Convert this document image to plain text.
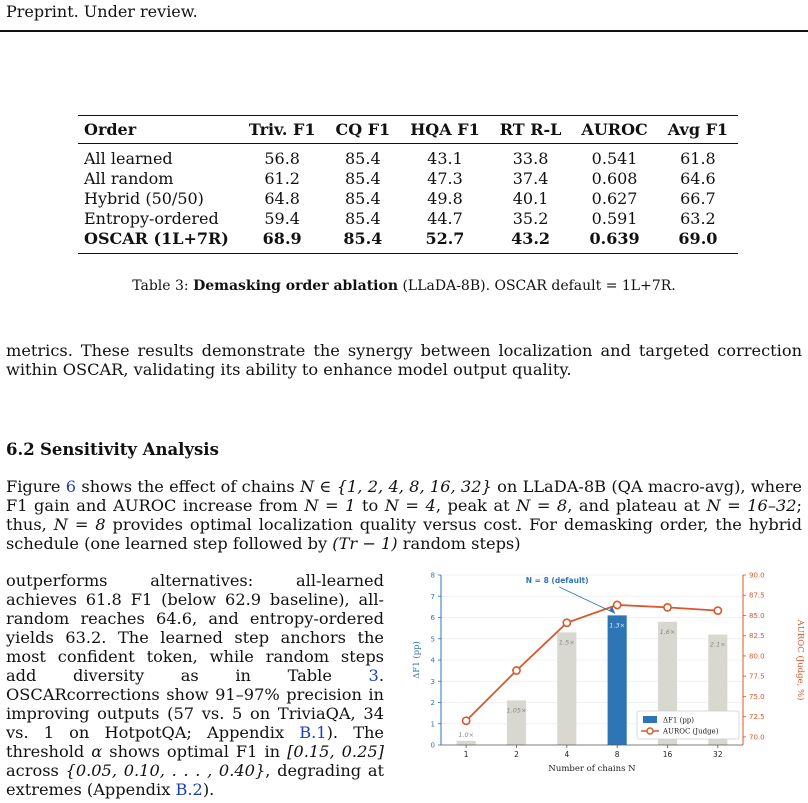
Preprint. Under review.
Order	Triv. F1	CQ F1	HQA F1	RT R-L	AUROC	Avg F1
All learned	56.8	85.4	43.1	33.8	0.541	61.8
All random	61.2	85.4	47.3	37.4	0.608	64.6
Hybrid (50/50)	64.8	85.4	49.8	40.1	0.627	66.7
Entropy-ordered	59.4	85.4	44.7	35.2	0.591	63.2
OSCAR (1L+7R)	68.9	85.4	52.7	43.2	0.639	69.0
Table 3: Demasking order ablation (LLaDA-8B). OSCAR default = 1L+7R.
metrics. These results demonstrate the synergy between localization and targeted correction within OSCAR, validating its ability to enhance model output quality.
6.2 Sensitivity Analysis
Figure 6 shows the effect of chains N ∈ {1, 2, 4, 8, 16, 32} on LLaDA-8B (QA macro-avg), where F1 gain and AUROC increase from N = 1 to N = 4, peak at N = 8, and plateau at N = 16–32; thus, N = 8 provides optimal localization quality versus cost. For demasking order, the hybrid schedule (one learned step followed by (Tr − 1) random steps)
outperforms alternatives: all-learned achieves 61.8 F1 (below 62.9 baseline), all-random reaches 64.6, and entropy-ordered yields 63.2. The learned step anchors the most confident token, while random steps add diversity as in Table 3. OSCARcorrections show 91–97% precision in improving outputs (57 vs. 5 on TriviaQA, 34 vs. 1 on HotpotQA; Appendix B.1). The threshold α shows optimal F1 in [0.15, 0.25] across {0.05, 0.10, . . . , 0.40}, degrading at extremes (Appendix B.2).
1.0×
1.05×
1.5×
1.3×
1.6×
2.1×
0
1
2
3
4
5
6
7
8
70.0
72.5
75.0
77.5
80.0
82.5
85.0
87.5
90.0
1	2	4	8	16	32
Number of chains N
ΔF1 (pp)	AUROC (Judge, %)
N = 8 (default)
ΔF1 (pp)
AUROC (Judge)
